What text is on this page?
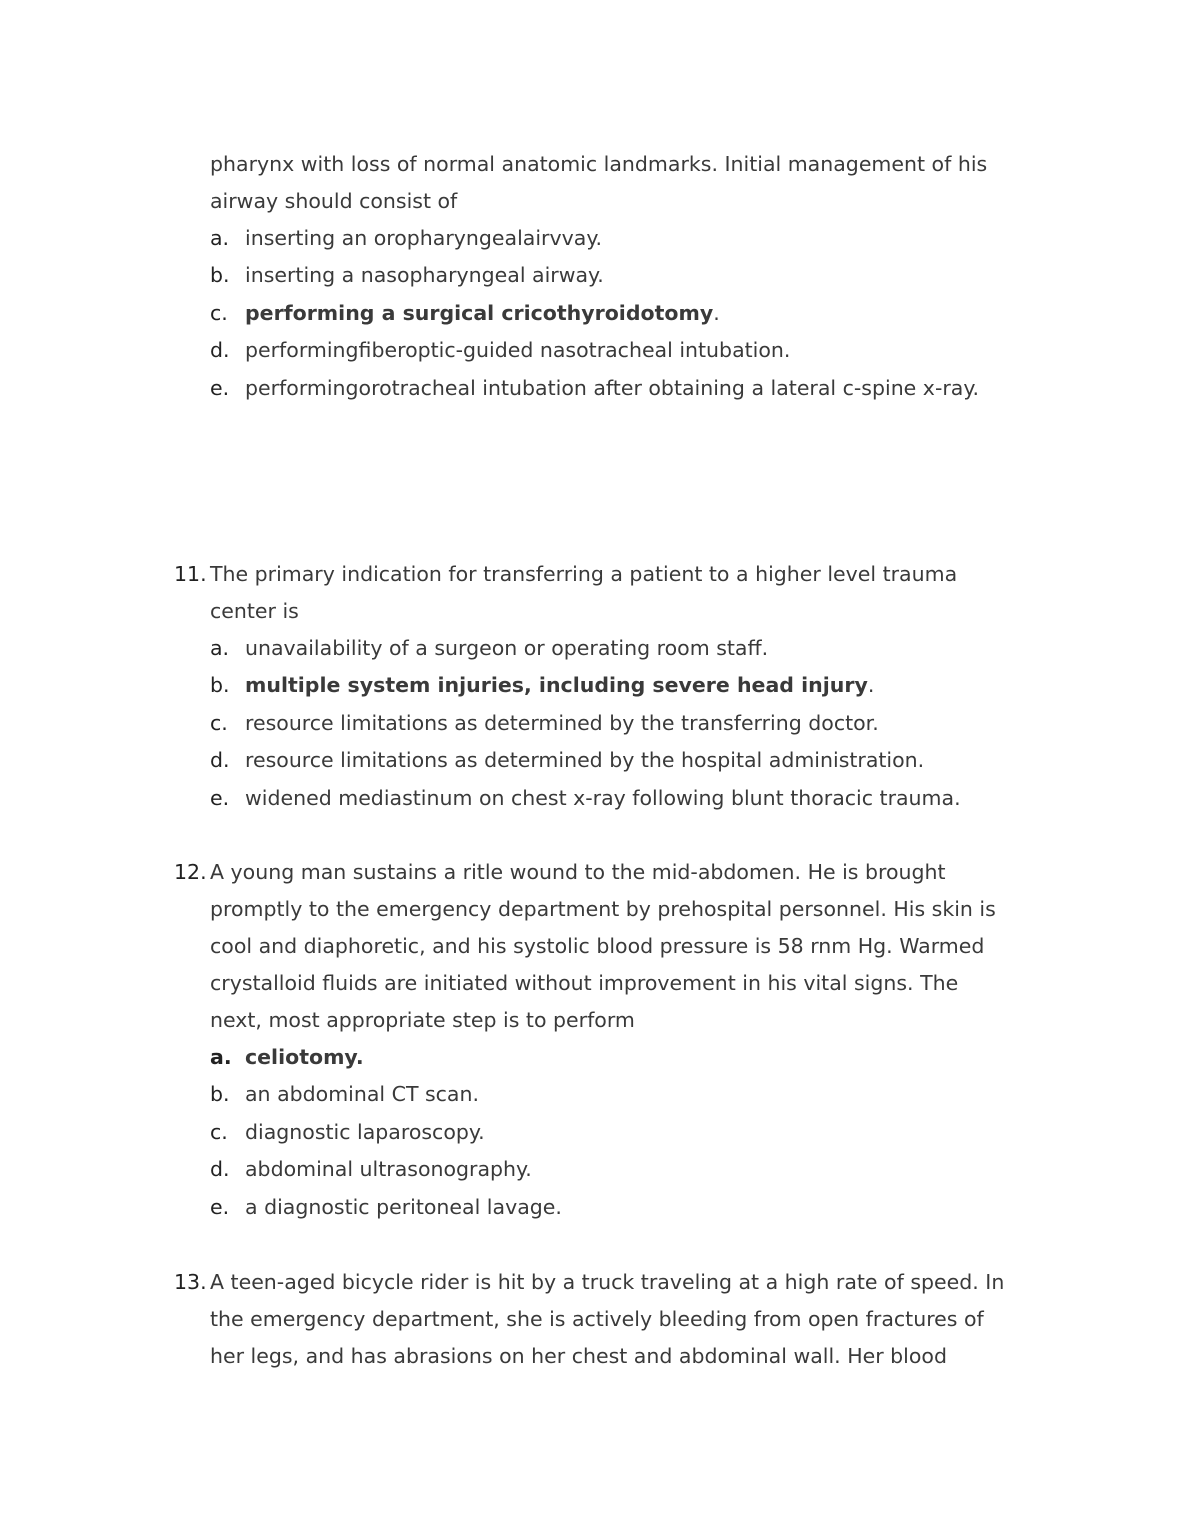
pharynx with loss of normal anatomic landmarks. Initial management of his
airway should consist of
a. inserting an oropharyngealairvvay.
b. inserting a nasopharyngeal airway.
c. performing a surgical cricothyroidotomy.
d. performingfiberoptic-guided nasotracheal intubation.
e. performingorotracheal intubation after obtaining a lateral c-spine x-ray.
11. The primary indication for transferring a patient to a higher level trauma
center is
a. unavailability of a surgeon or operating room staff.
b. multiple system injuries, including severe head injury.
c. resource limitations as determined by the transferring doctor.
d. resource limitations as determined by the hospital administration.
e. widened mediastinum on chest x-ray following blunt thoracic trauma.
12. A young man sustains a ritle wound to the mid-abdomen. He is brought
promptly to the emergency department by prehospital personnel. His skin is
cool and diaphoretic, and his systolic blood pressure is 58 rnm Hg. Warmed
crystalloid fluids are initiated without improvement in his vital signs. The
next, most appropriate step is to perform
a. celiotomy.
b. an abdominal CT scan.
c. diagnostic laparoscopy.
d. abdominal ultrasonography.
e. a diagnostic peritoneal lavage.
13. A teen-aged bicycle rider is hit by a truck traveling at a high rate of speed. In
the emergency department, she is actively bleeding from open fractures of
her legs, and has abrasions on her chest and abdominal wall. Her blood
